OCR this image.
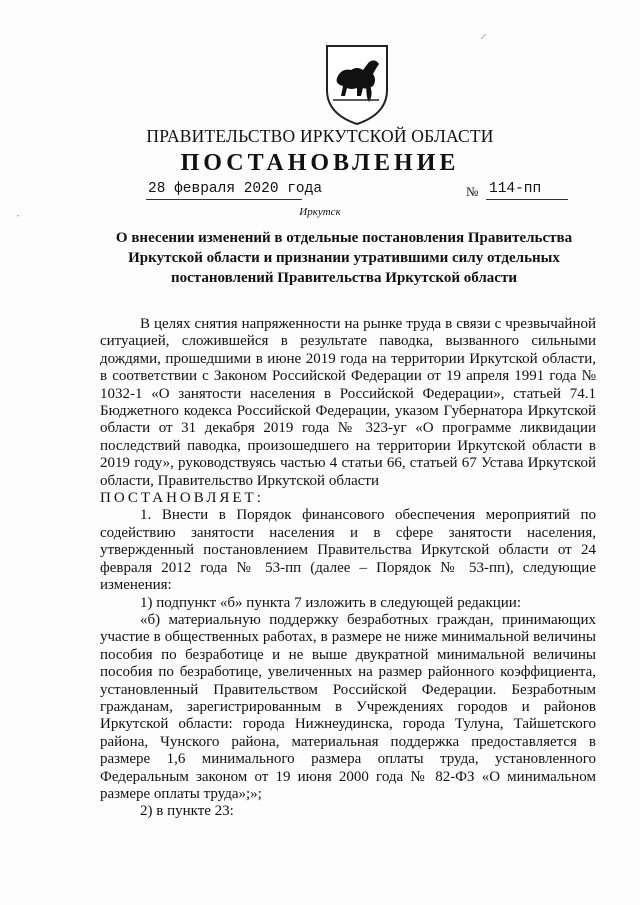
ПРАВИТЕЛЬСТВО ИРКУТСКОЙ ОБЛАСТИ
ПОСТАНОВЛЕНИЕ
28 февраля 2020 года	№ 114-пп
Иркутск
О внесении изменений в отдельные постановления Правительства Иркутской области и признании утратившими силу отдельных постановлений Правительства Иркутской области

В целях снятия напряженности на рынке труда в связи с чрезвычайной ситуацией, сложившейся в результате паводка, вызванного сильными дождями, прошедшими в июне 2019 года на территории Иркутской области, в соответствии с Законом Российской Федерации от 19 апреля 1991 года № 1032-1 «О занятости населения в Российской Федерации», статьей 74.1 Бюджетного кодекса Российской Федерации, указом Губернатора Иркутской области от 31 декабря 2019 года № 323-уг «О программе ликвидации последствий паводка, произошедшего на территории Иркутской области в 2019 году», руководствуясь частью 4 статьи 66, статьей 67 Устава Иркутской области, Правительство Иркутской области

ПОСТАНОВЛЯЕТ:

1. Внести в Порядок финансового обеспечения мероприятий по содействию занятости населения и в сфере занятости населения, утвержденный постановлением Правительства Иркутской области от 24 февраля 2012 года № 53-пп (далее – Порядок № 53-пп), следующие изменения:

1) подпункт «б» пункта 7 изложить в следующей редакции:

«б) материальную поддержку безработных граждан, принимающих участие в общественных работах, в размере не ниже минимальной величины пособия по безработице и не выше двукратной минимальной величины пособия по безработице, увеличенных на размер районного коэффициента, установленный Правительством Российской Федерации. Безработным гражданам, зарегистрированным в Учреждениях городов и районов Иркутской области: города Нижнеудинска, города Тулуна, Тайшетского района, Чунского района, материальная поддержка предоставляется в размере 1,6 минимального размера оплаты труда, установленного Федеральным законом от 19 июня 2000 года № 82-ФЗ «О минимальном размере оплаты труда»;»;

2) в пункте 23:

⸝
·
